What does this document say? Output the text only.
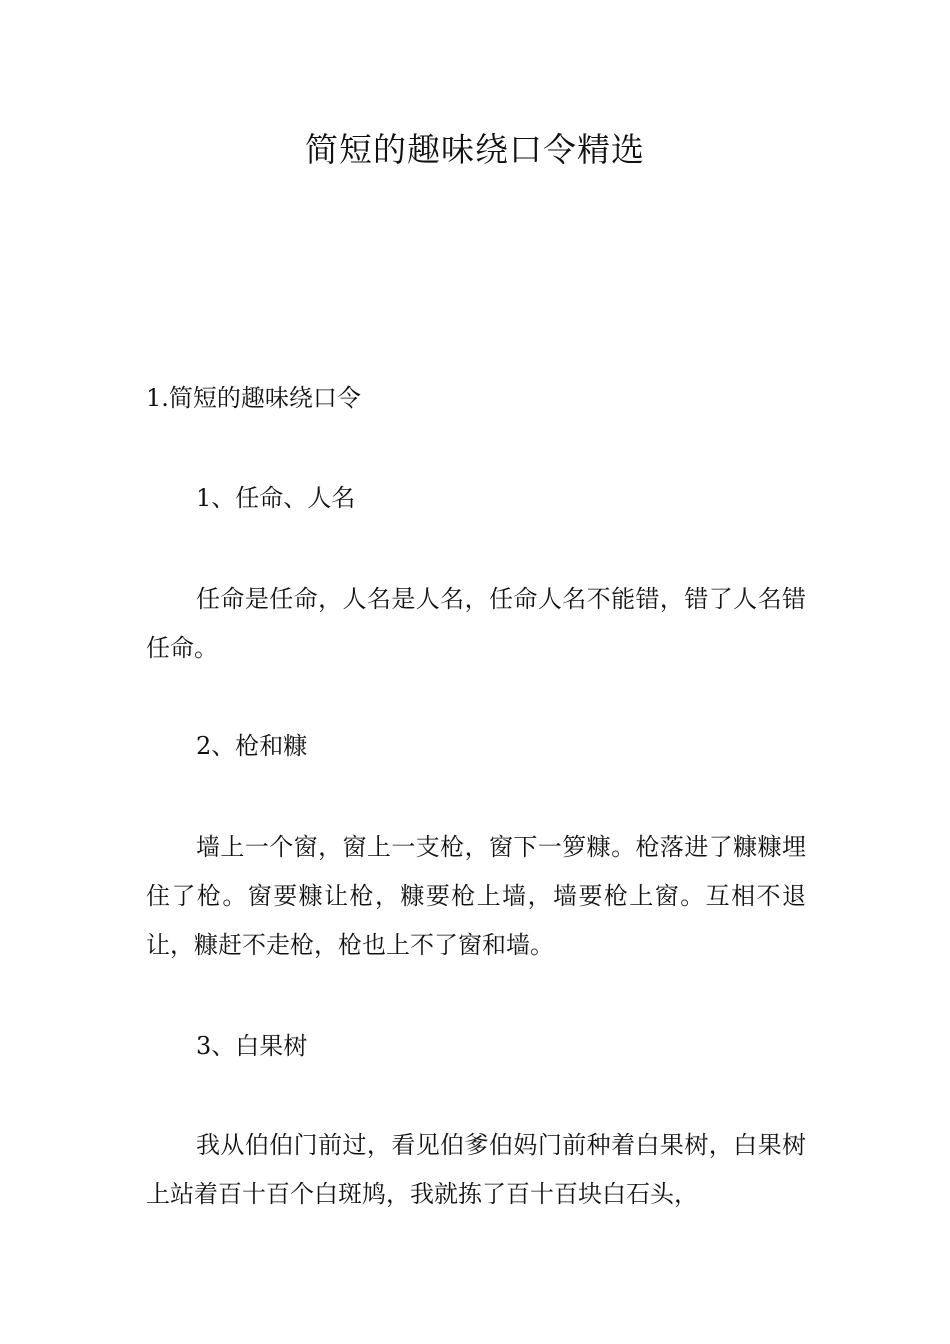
简短的趣味绕口令精选
1.简短的趣味绕口令
1、任命、人名

任命是任命，人名是人名，任命人名不能错，错了人名错任命。

2、枪和糠

墙上一个窗，窗上一支枪，窗下一箩糠。枪落进了糠糠埋住了枪。窗要糠让枪，糠要枪上墙，墙要枪上窗。互相不退让，糠赶不走枪，枪也上不了窗和墙。

3、白果树

我从伯伯门前过，看见伯爹伯妈门前种着白果树，白果树上站着百十百个白斑鸠，我就拣了百十百块白石头，
